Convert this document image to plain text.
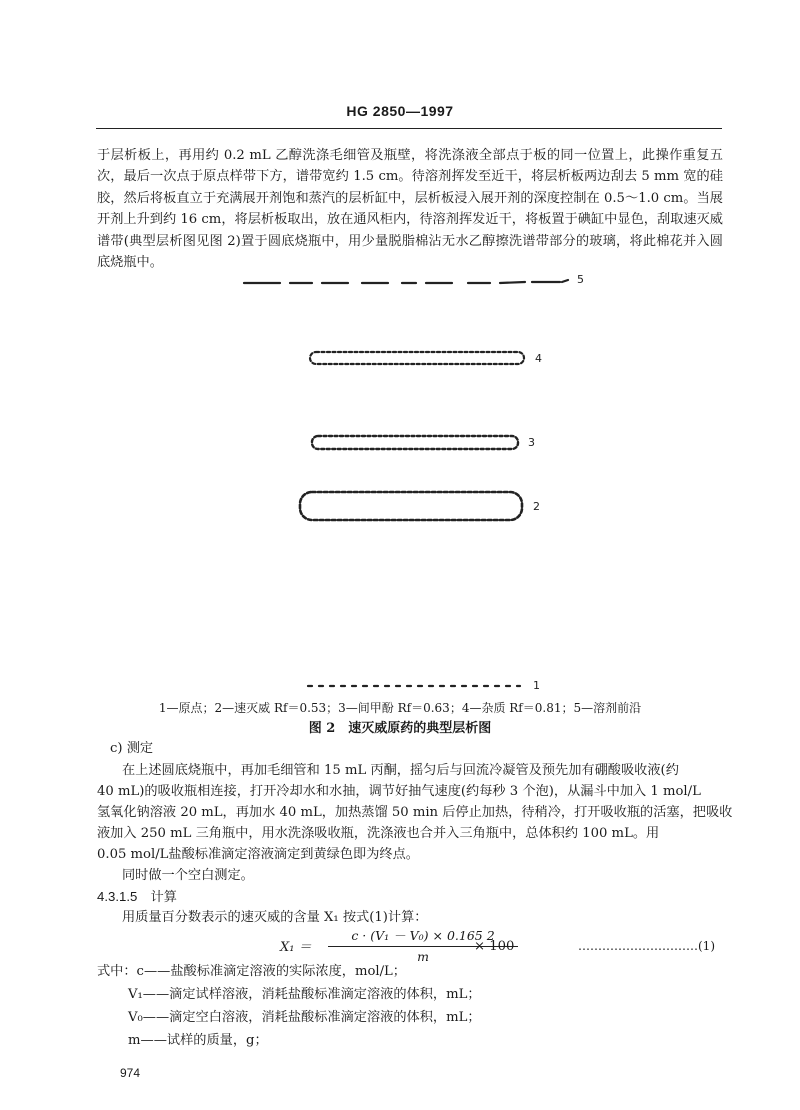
HG 2850—1997
于层析板上，再用约 0.2 mL 乙醇洗涤毛细管及瓶壁，将洗涤液全部点于板的同一位置上，此操作重复五次，最后一次点于原点样带下方，谱带宽约 1.5 cm。待溶剂挥发至近干，将层析板两边刮去 5 mm 宽的硅胶，然后将板直立于充满展开剂饱和蒸汽的层析缸中，层析板浸入展开剂的深度控制在 0.5～1.0 cm。当展开剂上升到约 16 cm，将层析板取出，放在通风柜内，待溶剂挥发近干，将板置于碘缸中显色，刮取速灭威谱带(典型层析图见图 2)置于圆底烧瓶中，用少量脱脂棉沾无水乙醇擦洗谱带部分的玻璃，将此棉花并入圆底烧瓶中。
5
4
3
2
1
1—原点；2—速灭威 Rf＝0.53；3—间甲酚 Rf＝0.63；4—杂质 Rf＝0.81；5—溶剂前沿
图 2　速灭威原药的典型层析图
c) 测定
在上述圆底烧瓶中，再加毛细管和 15 mL 丙酮，摇匀后与回流冷凝管及预先加有硼酸吸收液(约
40 mL)的吸收瓶相连接，打开冷却水和水抽，调节好抽气速度(约每秒 3 个泡)，从漏斗中加入 1 mol/L
氢氧化钠溶液 20 mL，再加水 40 mL，加热蒸馏 50 min 后停止加热，待稍冷，打开吸收瓶的活塞，把吸收
液加入 250 mL 三角瓶中，用水洗涤吸收瓶，洗涤液也合并入三角瓶中，总体积约 100 mL。用
0.05 mol/L盐酸标准滴定溶液滴定到黄绿色即为终点。
同时做一个空白测定。
4.3.1.5　计算
用质量百分数表示的速灭威的含量 X₁ 按式(1)计算：
X₁ ＝
c · (V₁ － V₀) × 0.165 2
m
× 100	…………………………(1)
式中：c——盐酸标准滴定溶液的实际浓度，mol/L；
V₁——滴定试样溶液，消耗盐酸标准滴定溶液的体积，mL；
V₀——滴定空白溶液，消耗盐酸标准滴定溶液的体积，mL；
m——试样的质量，g；
974
